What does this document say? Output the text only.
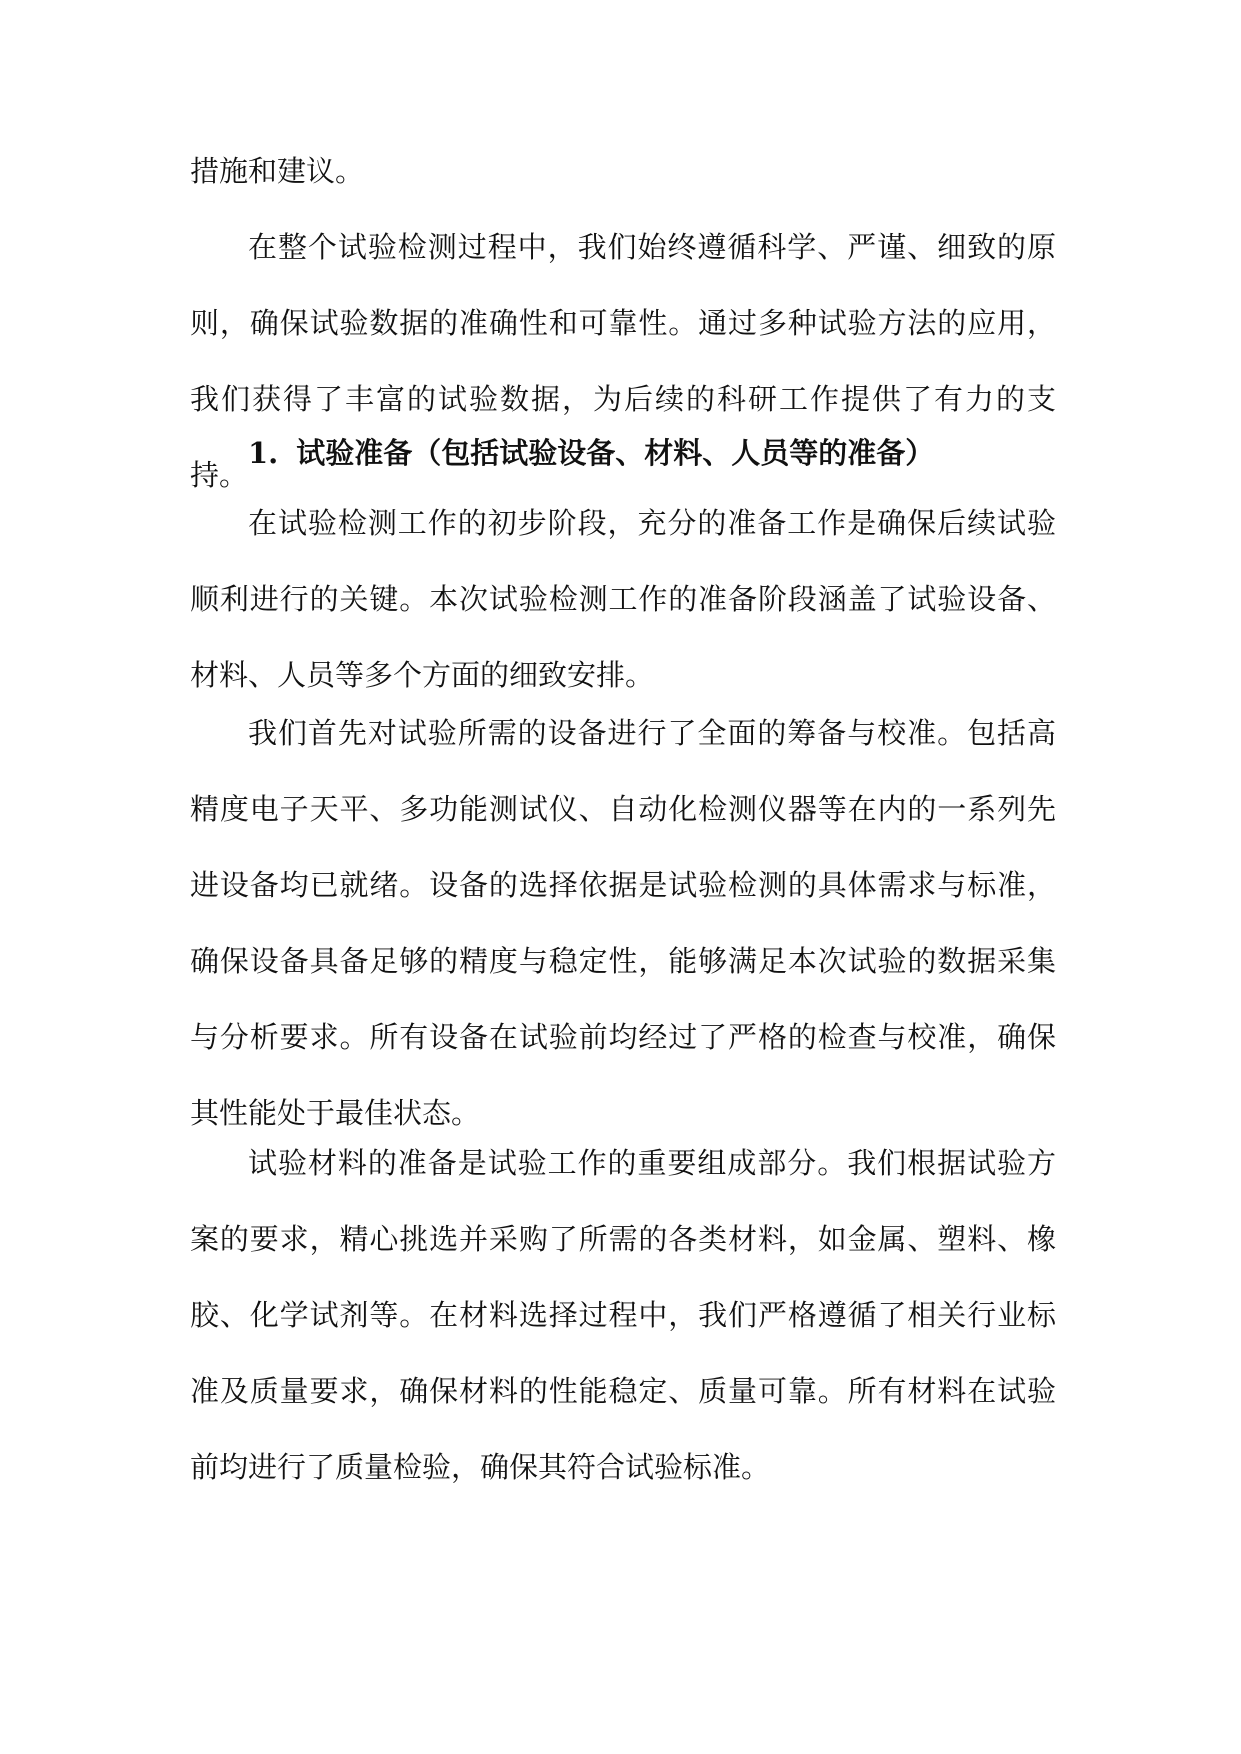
措施和建议。

在整个试验检测过程中，我们始终遵循科学、严谨、细致的原则，确保试验数据的准确性和可靠性。通过多种试验方法的应用，我们获得了丰富的试验数据，为后续的科研工作提供了有力的支持。

1. 试验准备（包括试验设备、材料、人员等的准备）

在试验检测工作的初步阶段，充分的准备工作是确保后续试验顺利进行的关键。本次试验检测工作的准备阶段涵盖了试验设备、材料、人员等多个方面的细致安排。

我们首先对试验所需的设备进行了全面的筹备与校准。包括高精度电子天平、多功能测试仪、自动化检测仪器等在内的一系列先进设备均已就绪。设备的选择依据是试验检测的具体需求与标准，确保设备具备足够的精度与稳定性，能够满足本次试验的数据采集与分析要求。所有设备在试验前均经过了严格的检查与校准，确保其性能处于最佳状态。

试验材料的准备是试验工作的重要组成部分。我们根据试验方案的要求，精心挑选并采购了所需的各类材料，如金属、塑料、橡胶、化学试剂等。在材料选择过程中，我们严格遵循了相关行业标准及质量要求，确保材料的性能稳定、质量可靠。所有材料在试验前均进行了质量检验，确保其符合试验标准。
